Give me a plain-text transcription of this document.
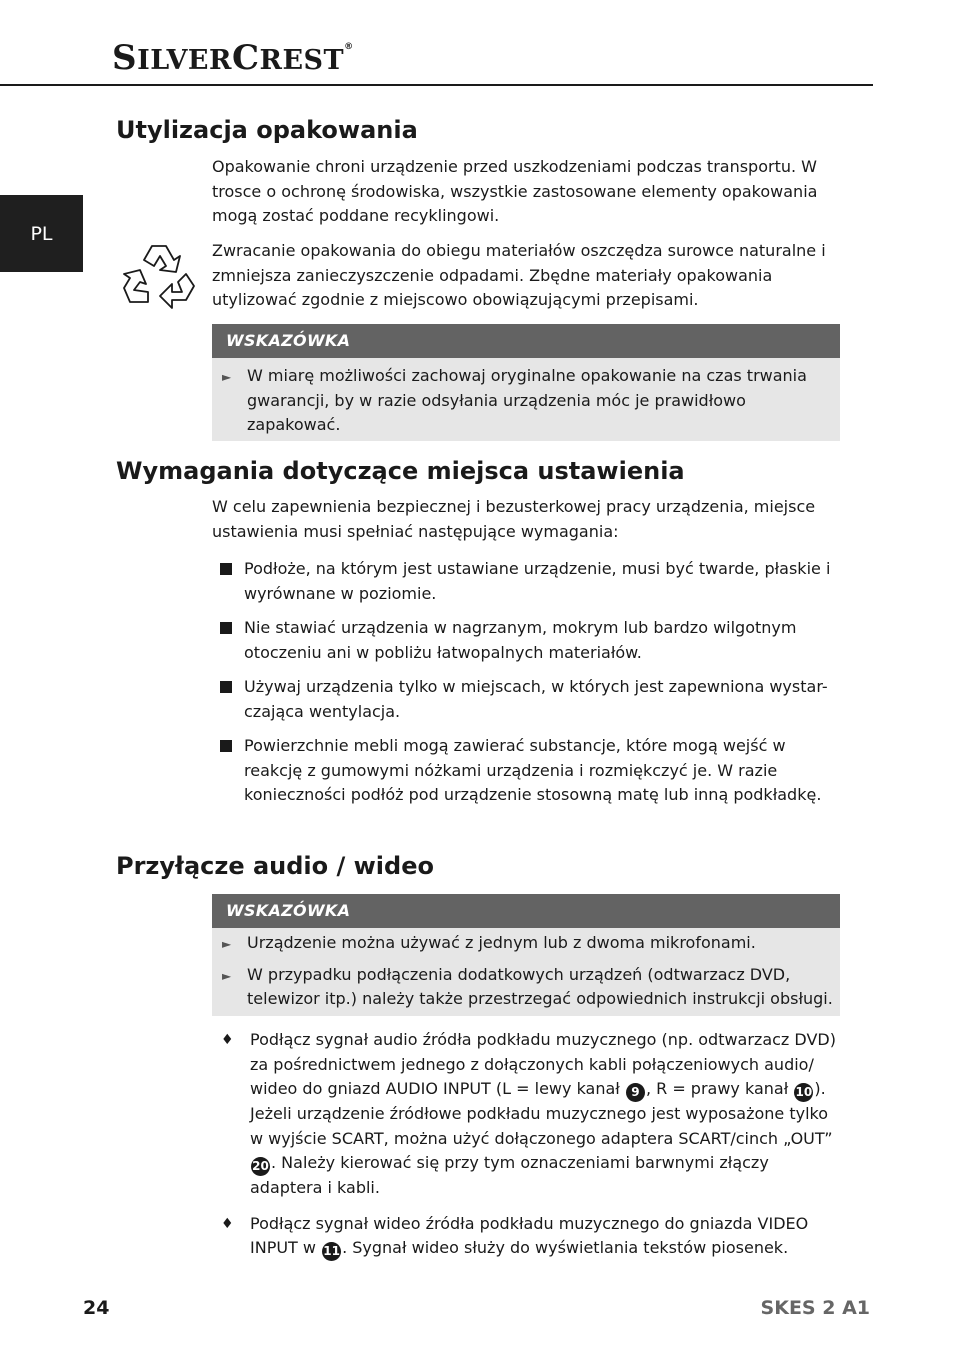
SILVERCREST®
PL
Utylizacja opakowania

Opakowanie chroni urządzenie przed uszkodzeniami podczas transportu. W trosce o ochronę środowiska, wszystkie zastosowane elementy opakowania mogą zostać poddane recyklingowi.

Zwracanie opakowania do obiegu materiałów oszczędza surowce naturalne i zmniejsza zanieczyszczenie odpadami. Zbędne materiały opakowania utylizować zgodnie z miejscowo obowiązującymi przepisami.

WSKAZÓWKA
► W miarę możliwości zachowaj oryginalne opakowanie na czas trwania gwarancji, by w razie odsyłania urządzenia móc je prawidłowo zapakować.
Wymagania dotyczące miejsca ustawienia

W celu zapewnienia bezpiecznej i bezusterkowej pracy urządzenia, miejsce ustawienia musi spełniać następujące wymagania:

Podłoże, na którym jest ustawiane urządzenie, musi być twarde, płaskie i wyrównane w poziomie.
Nie stawiać urządzenia w nagrzanym, mokrym lub bardzo wilgotnym otoczeniu ani w pobliżu łatwopalnych materiałów.
Używaj urządzenia tylko w miejscach, w których jest zapewniona wystar-czająca wentylacja.
Powierzchnie mebli mogą zawierać substancje, które mogą wejść w reakcję z gumowymi nóżkami urządzenia i rozmiękczyć je. W razie konieczności podłóż pod urządzenie stosowną matę lub inną podkładkę.
Przyłącze audio / wideo
WSKAZÓWKA
► Urządzenie można używać z jednym lub z dwoma mikrofonami.
► W przypadku podłączenia dodatkowych urządzeń (odtwarzacz DVD, telewizor itp.) należy także przestrzegać odpowiednich instrukcji obsługi.
♦ Podłącz sygnał audio źródła podkładu muzycznego (np. odtwarzacz DVD) za pośrednictwem jednego z dołączonych kabli połączeniowych audio/ wideo do gniazd AUDIO INPUT (L = lewy kanał 9 , R = prawy kanał 10 ). Jeżeli urządzenie źródłowe podkładu muzycznego jest wyposażone tylko w wyjście SCART, można użyć dołączonego adaptera SCART/cinch „OUT” 20 . Należy kierować się przy tym oznaczeniami barwnymi złączy adaptera i kabli.
♦ Podłącz sygnał wideo źródła podkładu muzycznego do gniazda VIDEO INPUT w 11 . Sygnał wideo służy do wyświetlania tekstów piosenek.
24	SKES 2 A1
